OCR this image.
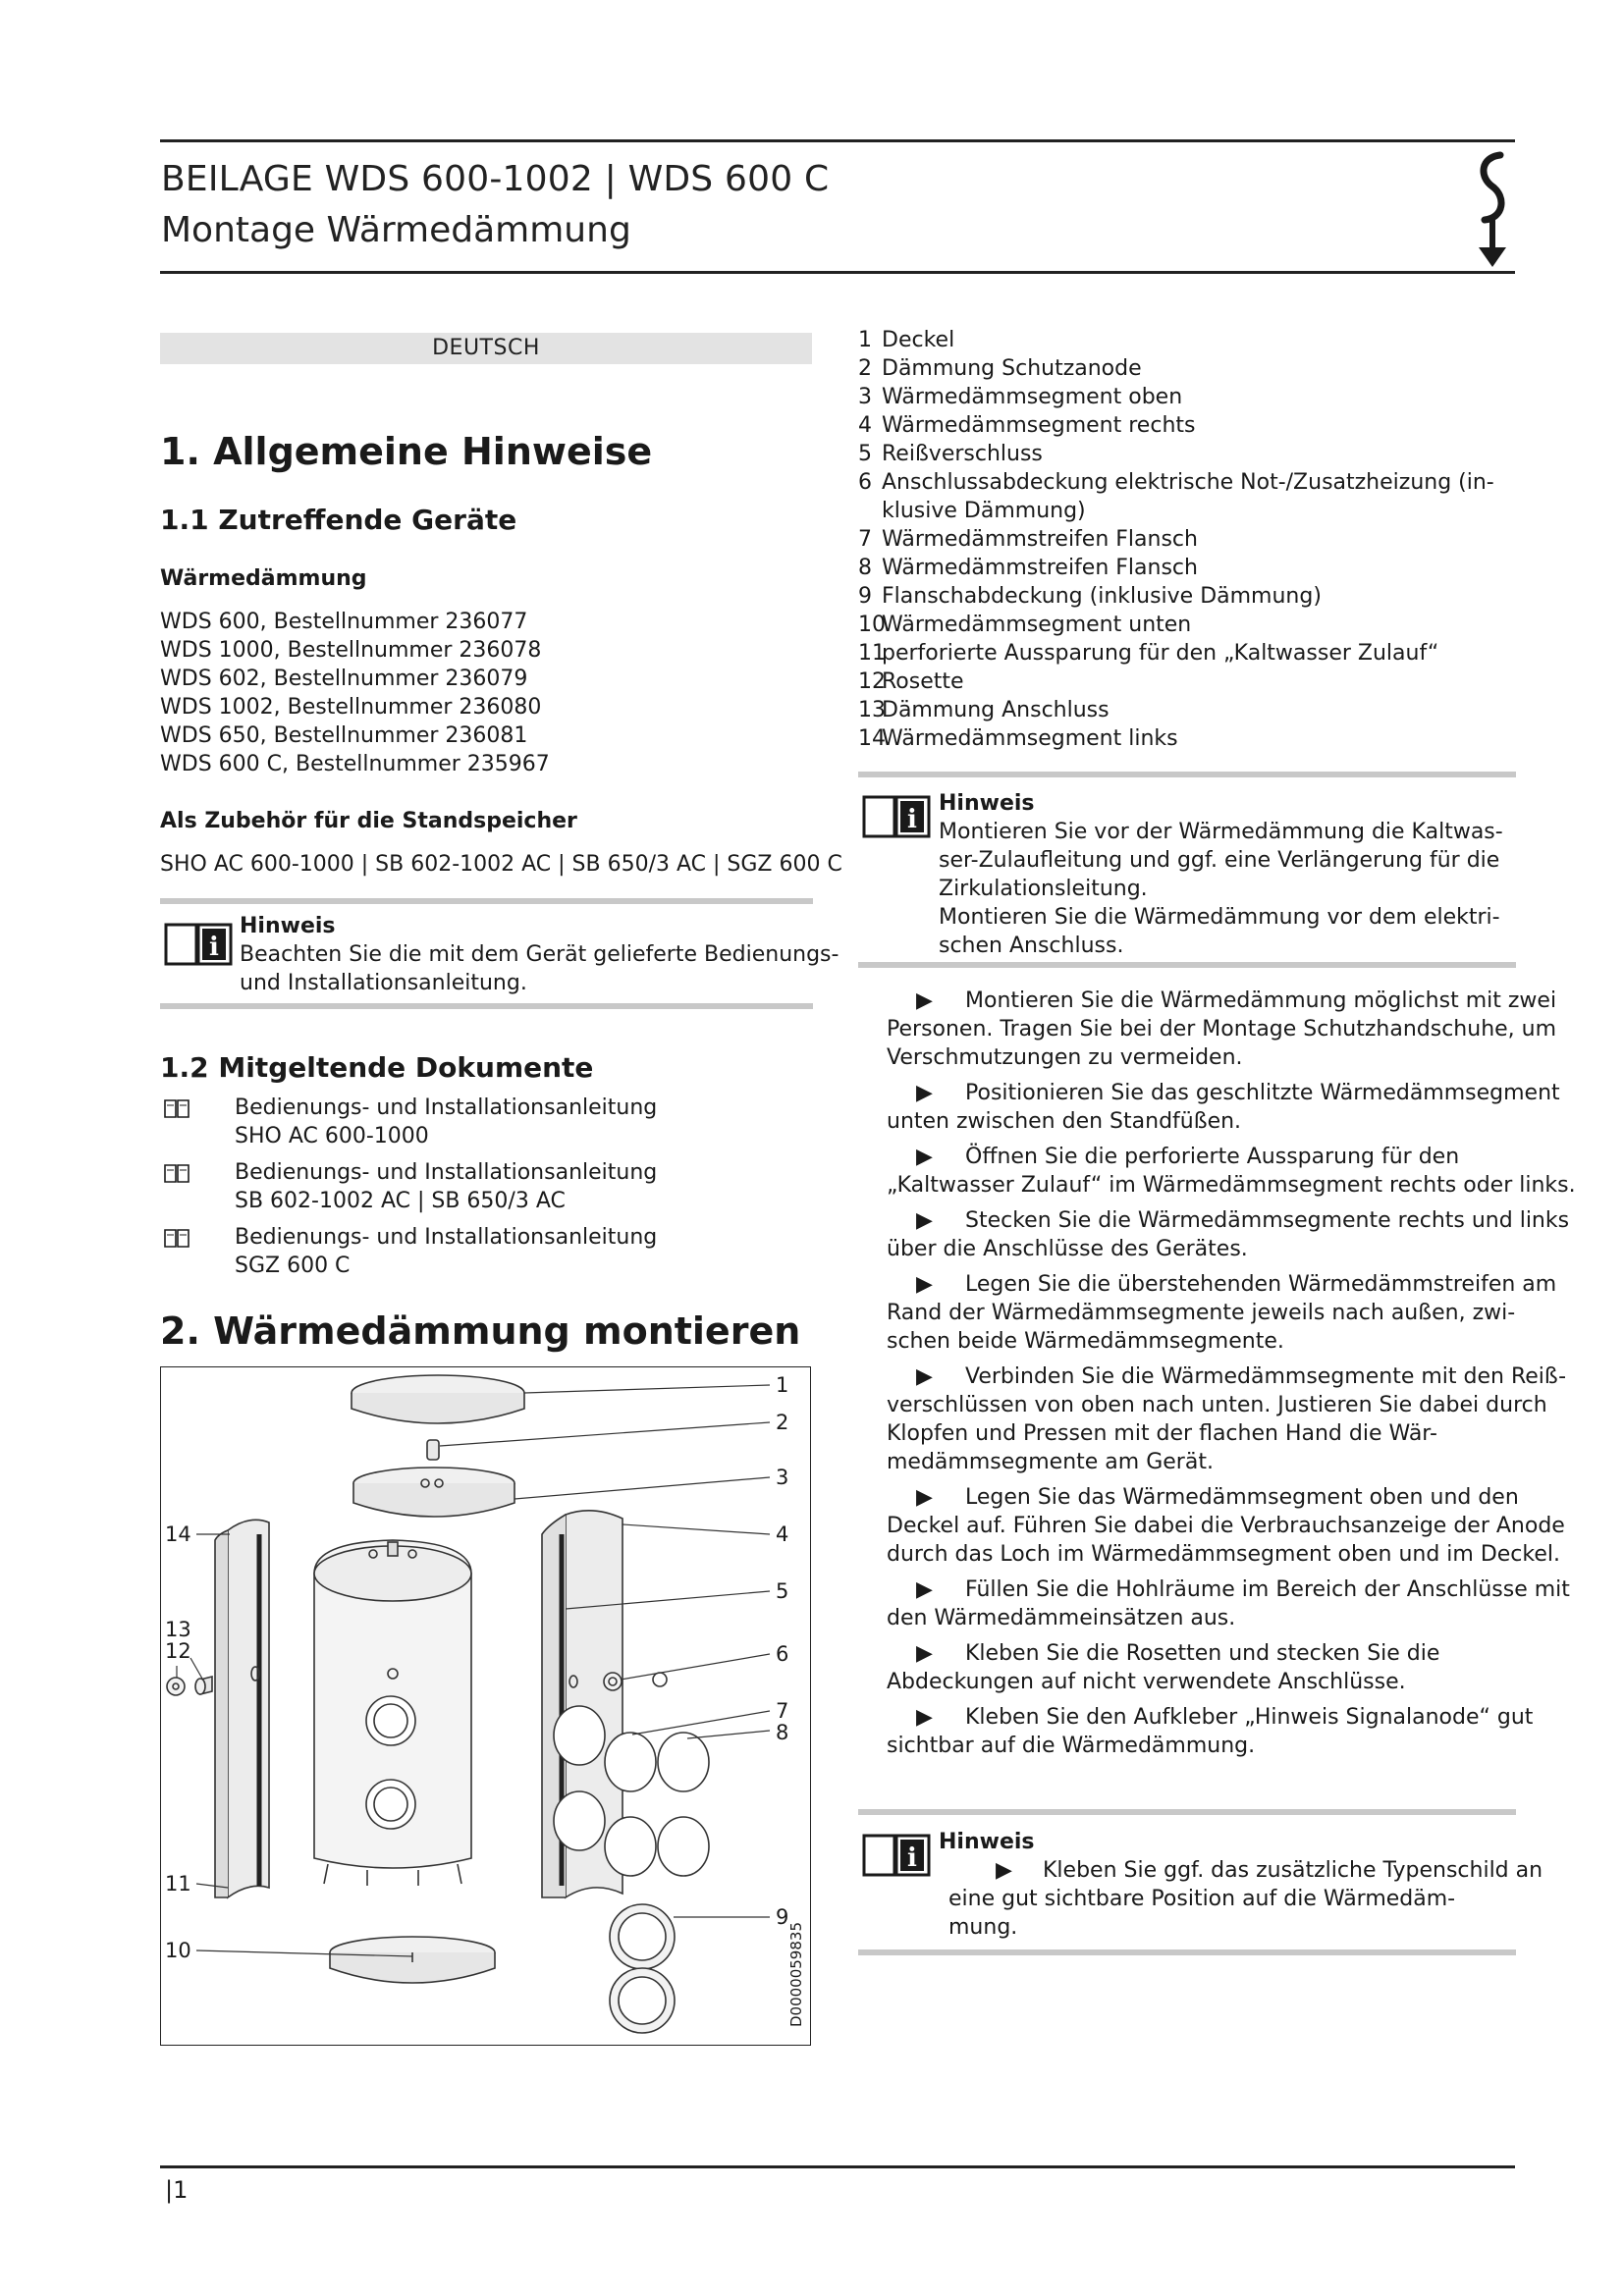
BEILAGE WDS 600-1002 | WDS 600 C
Montage Wärmedämmung
DEUTSCH
1. Allgemeine Hinweise
1.1 Zutreffende Geräte
Wärmedämmung
WDS 600, Bestellnummer 236077
WDS 1000, Bestellnummer 236078
WDS 602, Bestellnummer 236079
WDS 1002, Bestellnummer 236080
WDS 650, Bestellnummer 236081
WDS 600 C, Bestellnummer 235967
Als Zubehör für die Standspeicher
SHO AC 600-1000 | SB 602-1002 AC | SB 650/3 AC | SGZ 600 C
i
Hinweis
Beachten Sie die mit dem Gerät gelieferte Bedienungs-
und Installationsanleitung.
1.2 Mitgeltende Dokumente
Bedienungs- und Installationsanleitung
SHO AC 600-1000
Bedienungs- und Installationsanleitung
SB 602-1002 AC | SB 650/3 AC
Bedienungs- und Installationsanleitung
SGZ 600 C
2. Wärmedämmung montieren
1
2
3
4
5
6
7
8
9
10
11
12
13
14
D0000059835
1 Deckel
2 Dämmung Schutzanode
3 Wärmedämmsegment oben
4 Wärmedämmsegment rechts
5 Reißverschluss
6 Anschlussabdeckung elektrische Not-/Zusatzheizung (in-
klusive Dämmung)
7 Wärmedämmstreifen Flansch
8 Wärmedämmstreifen Flansch
9 Flanschabdeckung (inklusive Dämmung)
10Wärmedämmsegment unten
11perforierte Aussparung für den „Kaltwasser Zulauf“
12Rosette
13Dämmung Anschluss
14Wärmedämmsegment links
i
Hinweis
Montieren Sie vor der Wärmedämmung die Kaltwas-
ser-Zulaufleitung und ggf. eine Verlängerung für die
Zirkulationsleitung.
Montieren Sie die Wärmedämmung vor dem elektri-
schen Anschluss.
▶ Montieren Sie die Wärmedämmung möglichst mit zwei Personen. Tragen Sie bei der Montage Schutzhandschuhe, um Verschmutzungen zu vermeiden.
▶ Positionieren Sie das geschlitzte Wärmedämmsegment unten zwischen den Standfüßen.
▶ Öffnen Sie die perforierte Aussparung für den „Kaltwasser Zulauf“ im Wärmedämmsegment rechts oder links.
▶ Stecken Sie die Wärmedämmsegmente rechts und links über die Anschlüsse des Gerätes.
▶ Legen Sie die überstehenden Wärmedämmstreifen am Rand der Wärmedämmsegmente jeweils nach außen, zwi-schen beide Wärmedämmsegmente.
▶ Verbinden Sie die Wärmedämmsegmente mit den Reiß-verschlüssen von oben nach unten. Justieren Sie dabei durch Klopfen und Pressen mit der flachen Hand die Wär-medämmsegmente am Gerät.
▶ Legen Sie das Wärmedämmsegment oben und den Deckel auf. Führen Sie dabei die Verbrauchsanzeige der Anode durch das Loch im Wärmedämmsegment oben und im Deckel.
▶ Füllen Sie die Hohlräume im Bereich der Anschlüsse mit den Wärmedämmeinsätzen aus.
▶ Kleben Sie die Rosetten und stecken Sie die Abdeckungen auf nicht verwendete Anschlüsse.
▶ Kleben Sie den Aufkleber „Hinweis Signalanode“ gut sichtbar auf die Wärmedämmung.
i
Hinweis
▶ Kleben Sie ggf. das zusätzliche Typenschild an
eine gut sichtbare Position auf die Wärmedäm-
mung.
|1
